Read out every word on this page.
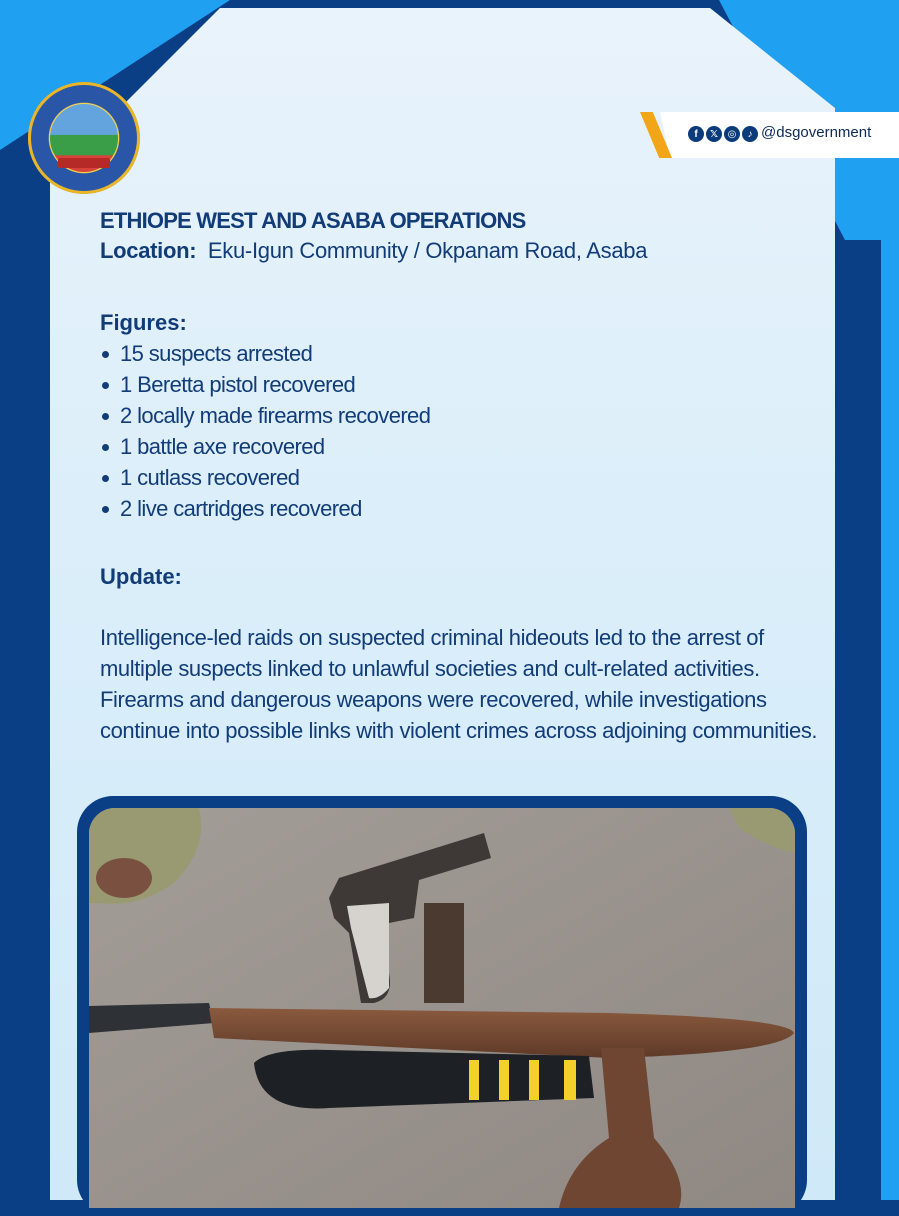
f	𝕏 ◎	♪ @dsgovernment

ETHIOPE WEST AND ASABA OPERATIONS

Location: Eku-Igun Community / Okpanam Road, Asaba

Figures:

15 suspects arrested
1 Beretta pistol recovered
2 locally made firearms recovered
1 battle axe recovered
1 cutlass recovered
2 live cartridges recovered

Update:

Intelligence-led raids on suspected criminal hideouts led to the arrest of multiple suspects linked to unlawful societies and cult-related activities. Firearms and dangerous weapons were recovered, while investigations continue into possible links with violent crimes across adjoining communities.
